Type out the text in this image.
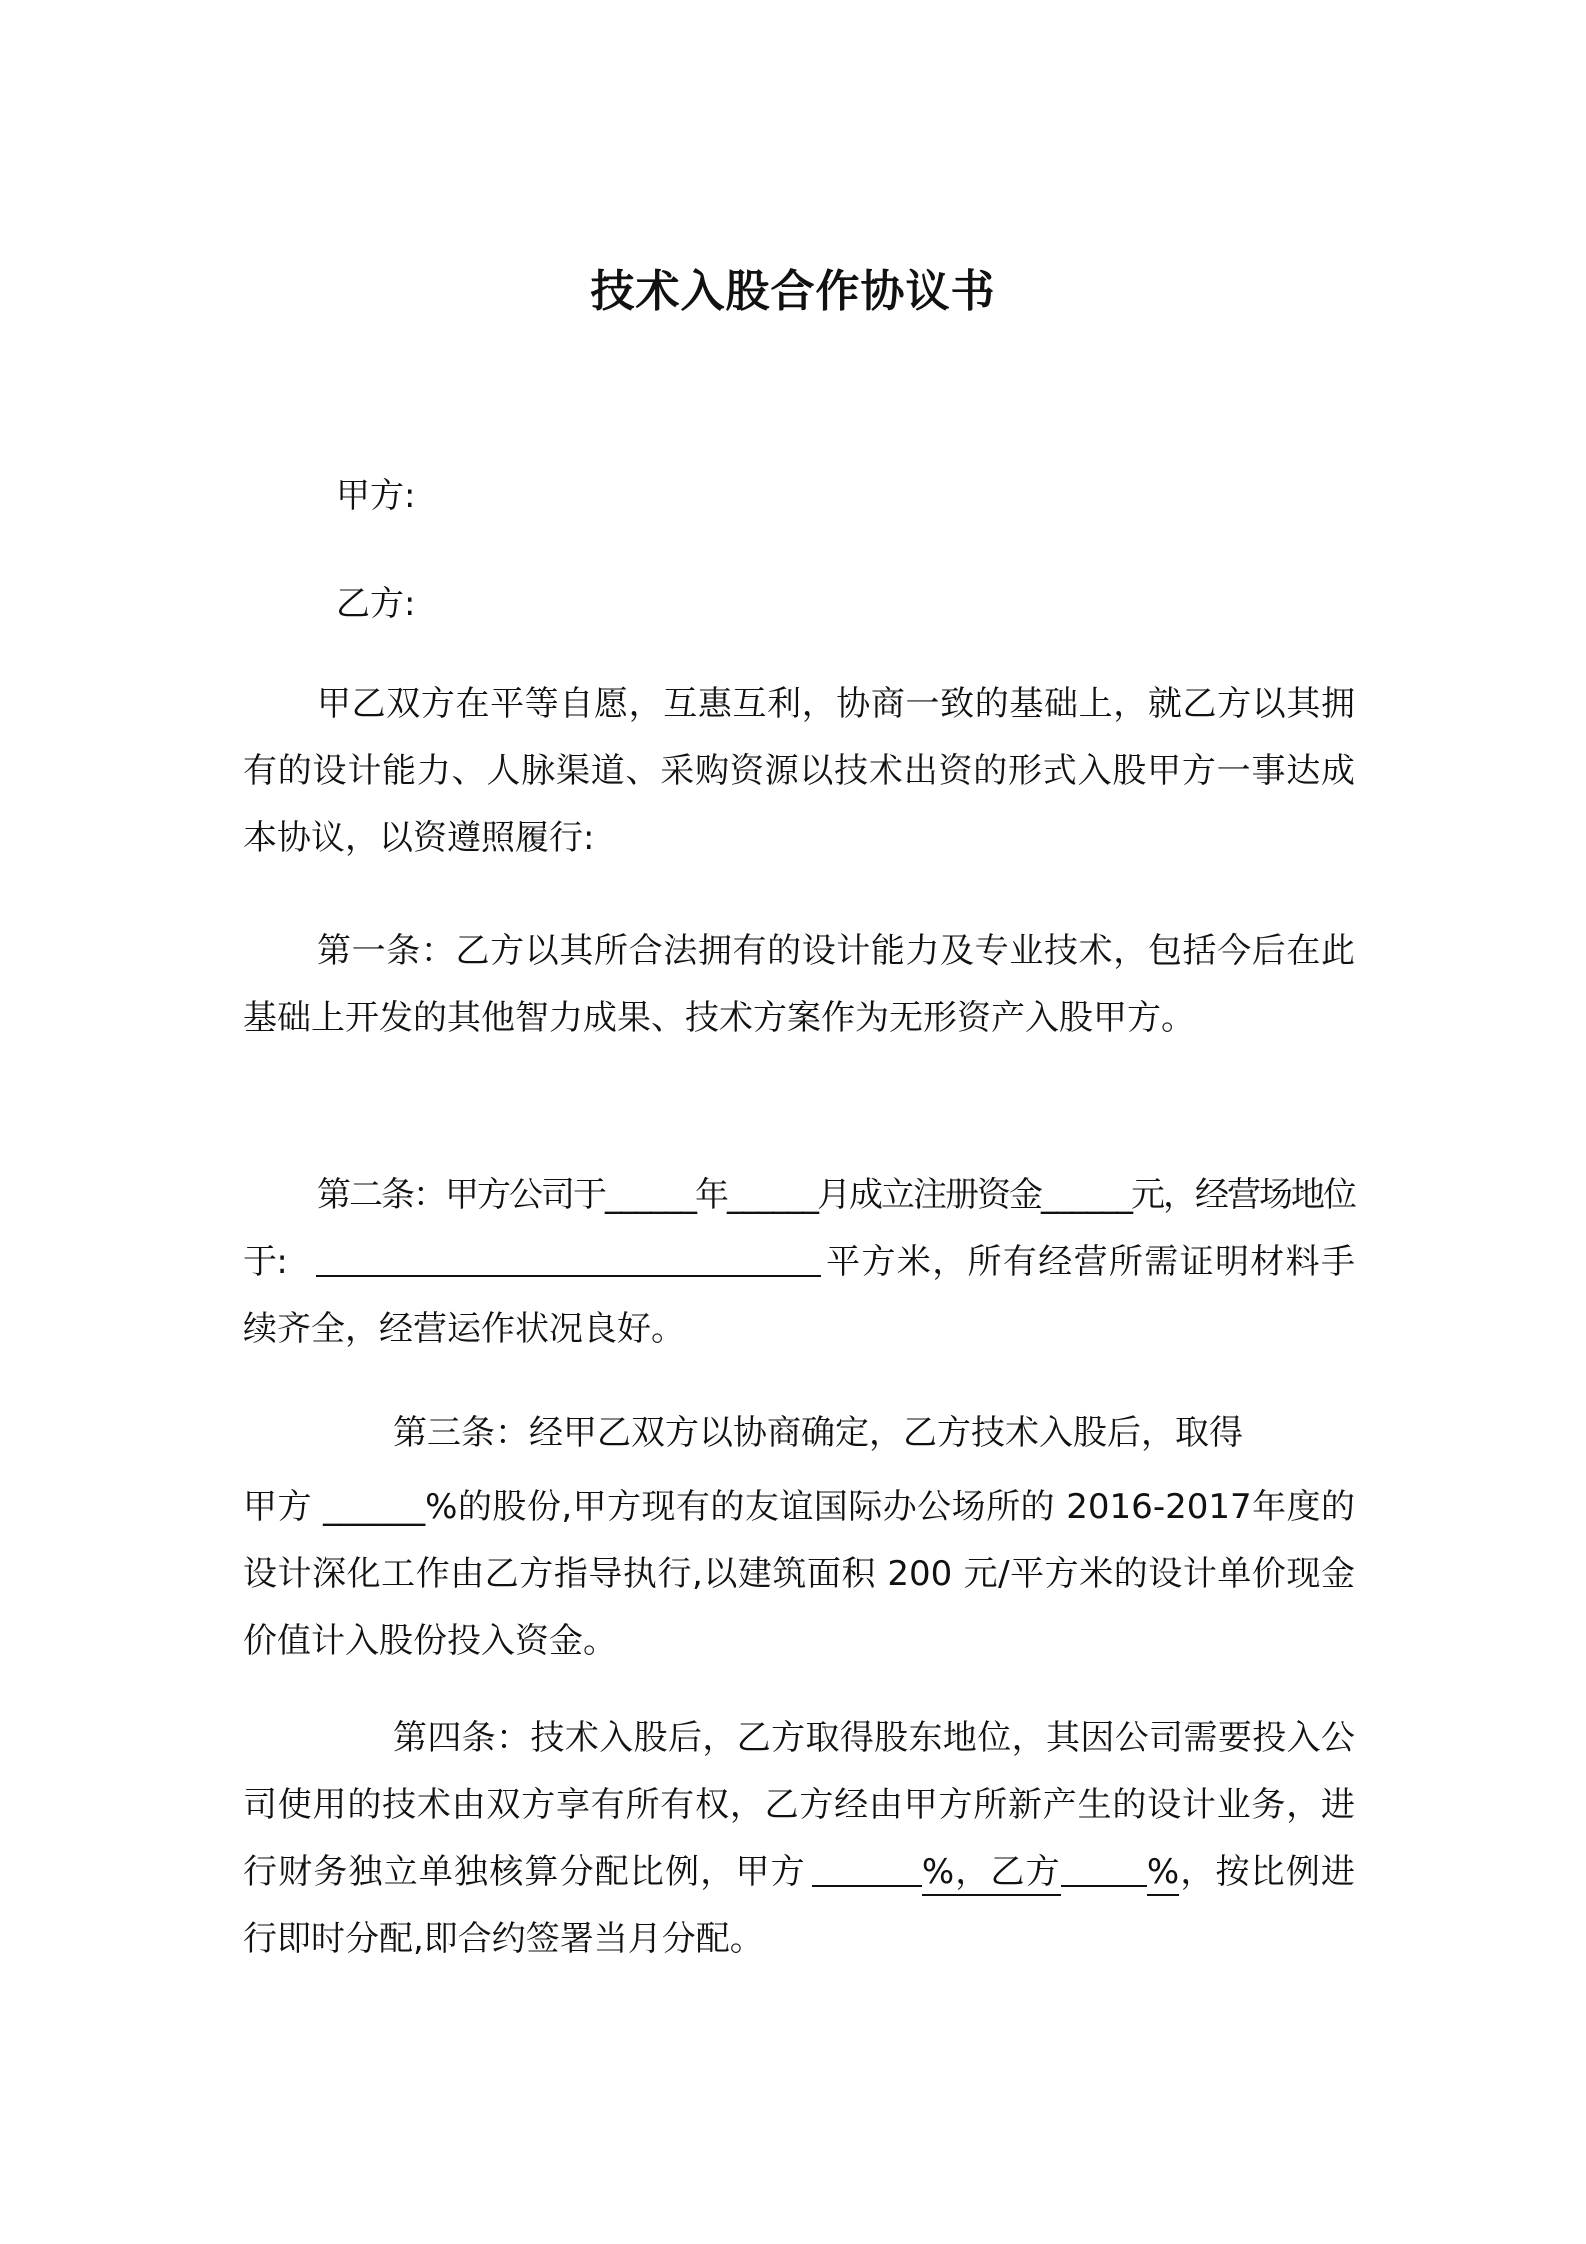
技术入股合作协议书
甲方:
乙方:
甲乙双方在平等自愿，互惠互利，协商一致的基础上，就乙方以其拥有的设计能力、人脉渠道、采购资源以技术出资的形式入股甲方一事达成本协议，以资遵照履行:
第一条：乙方以其所合法拥有的设计能力及专业技术，包括今后在此基础上开发的其他智力成果、技术方案作为无形资产入股甲方。
第二条：甲方公司于______年______月成立注册资金______元，经营场地位于:	平方米，所有经营所需证明材料手续齐全，经营运作状况良好。
第三条：经甲乙双方以协商确定，乙方技术入股后，取得
甲方 ______%的股份,甲方现有的友谊国际办公场所的 2016-2017年度的设计深化工作由乙方指导执行,以建筑面积 200 元/平方米的设计单价现金价值计入股份投入资金。
第四条：技术入股后，乙方取得股东地位，其因公司需要投入公司使用的技术由双方享有所有权，乙方经由甲方所新产生的设计业务，进行财务独立单独核算分配比例，甲方	%，乙方	%，按比例进行即时分配,即合约签署当月分配。
